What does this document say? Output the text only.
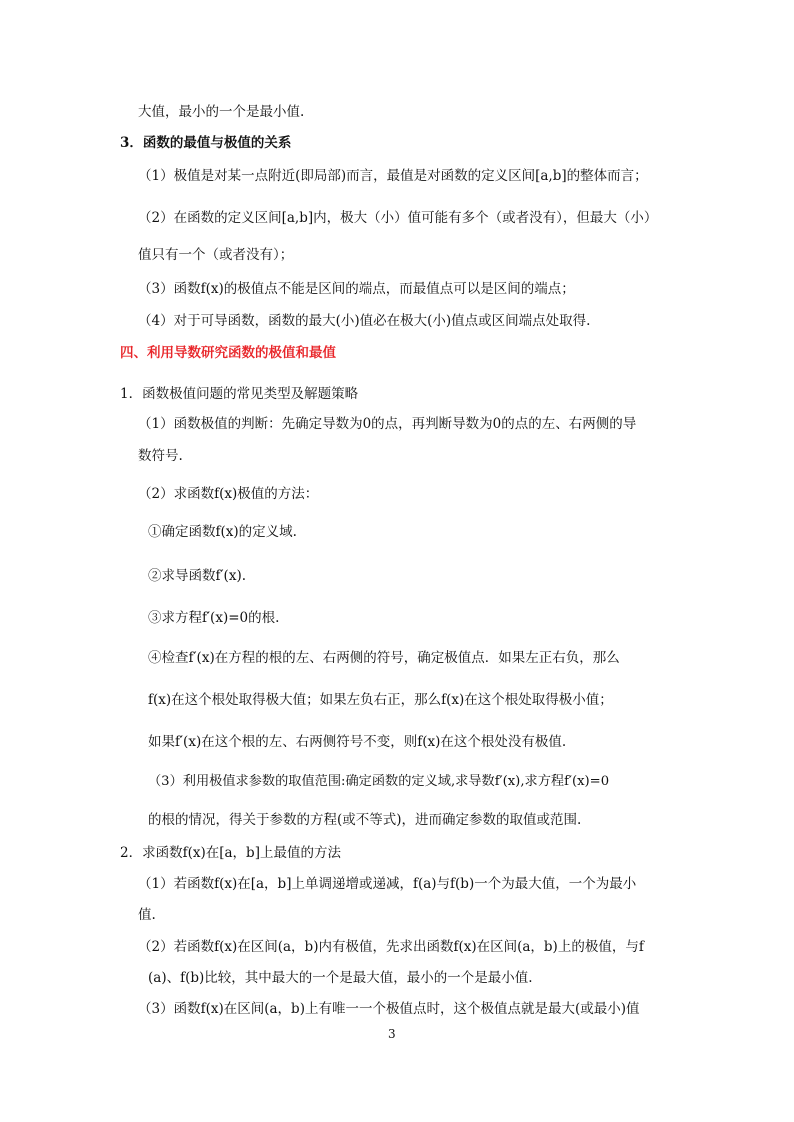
大值，最小的一个是最小值.
3．函数的最值与极值的关系
（1）极值是对某一点附近(即局部)而言，最值是对函数的定义区间[a,b]的整体而言；
（2）在函数的定义区间[a,b]内，极大（小）值可能有多个（或者没有），但最大（小）
值只有一个（或者没有）；
（3）函数f(x)的极值点不能是区间的端点，而最值点可以是区间的端点；
（4）对于可导函数，函数的最大(小)值必在极大(小)值点或区间端点处取得.
四、利用导数研究函数的极值和最值
1．函数极值问题的常见类型及解题策略
（1）函数极值的判断：先确定导数为0的点，再判断导数为0的点的左、右两侧的导
数符号.
（2）求函数f(x)极值的方法：
①确定函数f(x)的定义域.
②求导函数f′(x).
③求方程f′(x)=0的根.
④检查f′(x)在方程的根的左、右两侧的符号，确定极值点．如果左正右负，那么
f(x)在这个根处取得极大值；如果左负右正，那么f(x)在这个根处取得极小值；
如果f′(x)在这个根的左、右两侧符号不变，则f(x)在这个根处没有极值.
（3）利用极值求参数的取值范围:确定函数的定义域,求导数f′(x),求方程f′(x)=0
的根的情况，得关于参数的方程(或不等式)，进而确定参数的取值或范围.
2．求函数f(x)在[a，b]上最值的方法
（1）若函数f(x)在[a，b]上单调递增或递减，f(a)与f(b)一个为最大值，一个为最小
值.
（2）若函数f(x)在区间(a，b)内有极值，先求出函数f(x)在区间(a，b)上的极值，与f
(a)、f(b)比较，其中最大的一个是最大值，最小的一个是最小值.
（3）函数f(x)在区间(a，b)上有唯一一个极值点时，这个极值点就是最大(或最小)值
3
